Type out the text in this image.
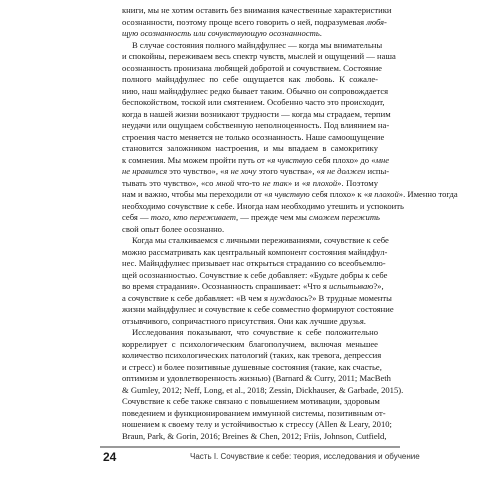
книги, мы не хотим оставить без внимания качественные характеристики
осознанности, поэтому проще всего говорить о ней, подразумевая любя-
щую осознанность или сочувствующую осознанность.
В случае состояния полного майндфулнес — когда мы внимательны
и спокойны, переживаем весь спектр чувств, мыслей и ощущений — наша
осознанность пронизана любящей добротой и сочувствием. Состояние
полного майндфулнес по себе ощущается как любовь. К сожале-
нию, наш майндфулнес редко бывает таким. Обычно он сопровождается
беспокойством, тоской или смятением. Особенно часто это происходит,
когда в нашей жизни возникают трудности — когда мы страдаем, терпим
неудачи или ощущаем собственную неполноценность. Под влиянием на-
строения часто меняется не только осознанность. Наше самоощущение
становится заложником настроения, и мы впадаем в самокритику
к сомнения. Мы можем пройти путь от «я чувствую себя плохо» до «мне
не нравится это чувство», «я не хочу этого чувства», «я не должен испы-
тывать это чувство», «со мной что-то не так» и «я плохой». Поэтому
нам и важно, чтобы мы переходили от «я чувствую себя плохо» к «я плохой». Именно тогда
необходимо сочувствие к себе. Иногда нам необходимо утешить и успокоить
себя — того, кто переживает, — прежде чем мы сможем пережить
свой опыт более осознанно.
Когда мы сталкиваемся с личными переживаниями, сочувствие к себе
можно рассматривать как центральный компонент состояния майндфул-
нес. Майндфулнес призывает нас открыться страданию со всеобъемлю-
щей осознанностью. Сочувствие к себе добавляет: «Будьте добры к себе
во время страдания». Осознанность спрашивает: «Что я испытываю?»,
а сочувствие к себе добавляет: «В чем я нуждаюсь?» В трудные моменты
жизни майндфулнес и сочувствие к себе совместно формируют состояние
отзывчивого, сопричастного присутствия. Они как лучшие друзья.
Исследования показывают, что сочувствие к себе положительно
коррелирует с психологическим благополучием, включая меньшее
количество психологических патологий (таких, как тревога, депрессия
и стресс) и более позитивные душевные состояния (такие, как счастье,
оптимизм и удовлетворенность жизнью) (Barnard & Curry, 2011; MacBeth
& Gumley, 2012; Neff, Long, et al., 2018; Zessin, Dickhauser, & Garbade, 2015).
Сочувствие к себе также связано с повышением мотивации, здоровым
поведением и функционированием иммунной системы, позитивным от-
ношением к своему телу и устойчивостью к стрессу (Allen & Leary, 2010;
Braun, Park, & Gorin, 2016; Breines & Chen, 2012; Friis, Johnson, Cutfield,
24	Часть I. Сочувствие к себе: теория, исследования и обучение
